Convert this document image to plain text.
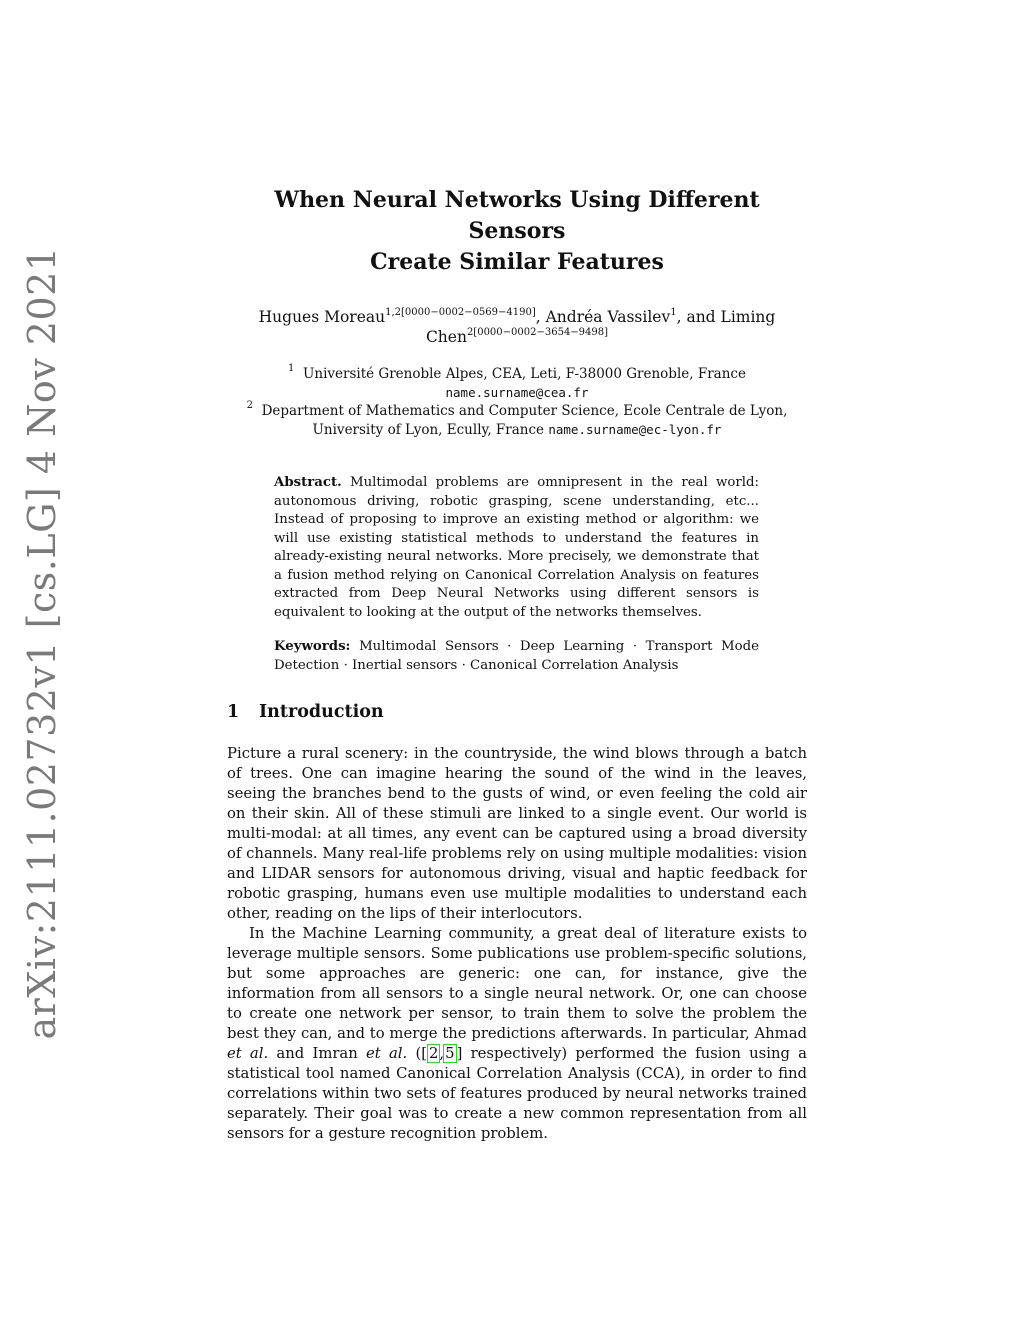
arXiv:2111.02732v1 [cs.LG] 4 Nov 2021
When Neural Networks Using Different Sensors
Create Similar Features
Hugues Moreau$^{1,2[0000-0002-0569-4190]}$, Andréa Vassilev$^1$, and Liming
Chen$^{2[0000-0002-3654-9498]}$
$^1$ Université Grenoble Alpes, CEA, Leti, F-38000 Grenoble, France
name.surname@cea.fr
$^2$ Department of Mathematics and Computer Science, Ecole Centrale de Lyon,
University of Lyon, Ecully, France name.surname@ec-lyon.fr
Abstract. Multimodal problems are omnipresent in the real world: autonomous driving, robotic grasping, scene understanding, etc... Instead of proposing to improve an existing method or algorithm: we will use existing statistical methods to understand the features in already-existing neural networks. More precisely, we demonstrate that a fusion method relying on Canonical Correlation Analysis on features extracted from Deep Neural Networks using different sensors is equivalent to looking at the output of the networks themselves.
Keywords: Multimodal Sensors · Deep Learning · Transport Mode Detection · Inertial sensors · Canonical Correlation Analysis
1 Introduction

Picture a rural scenery: in the countryside, the wind blows through a batch of trees. One can imagine hearing the sound of the wind in the leaves, seeing the branches bend to the gusts of wind, or even feeling the cold air on their skin. All of these stimuli are linked to a single event. Our world is multi-modal: at all times, any event can be captured using a broad diversity of channels. Many real-life problems rely on using multiple modalities: vision and LIDAR sensors for autonomous driving, visual and haptic feedback for robotic grasping, humans even use multiple modalities to understand each other, reading on the lips of their interlocutors.

In the Machine Learning community, a great deal of literature exists to leverage multiple sensors. Some publications use problem-specific solutions, but some approaches are generic: one can, for instance, give the information from all sensors to a single neural network. Or, one can choose to create one network per sensor, to train them to solve the problem the best they can, and to merge the predictions afterwards. In particular, Ahmad et al. and Imran et al. ([ 2,5 ] respectively) performed the fusion using a statistical tool named Canonical Correlation Analysis (CCA), in order to find correlations within two sets of features produced by neural networks trained separately. Their goal was to create a new common representation from all sensors for a gesture recognition problem.
